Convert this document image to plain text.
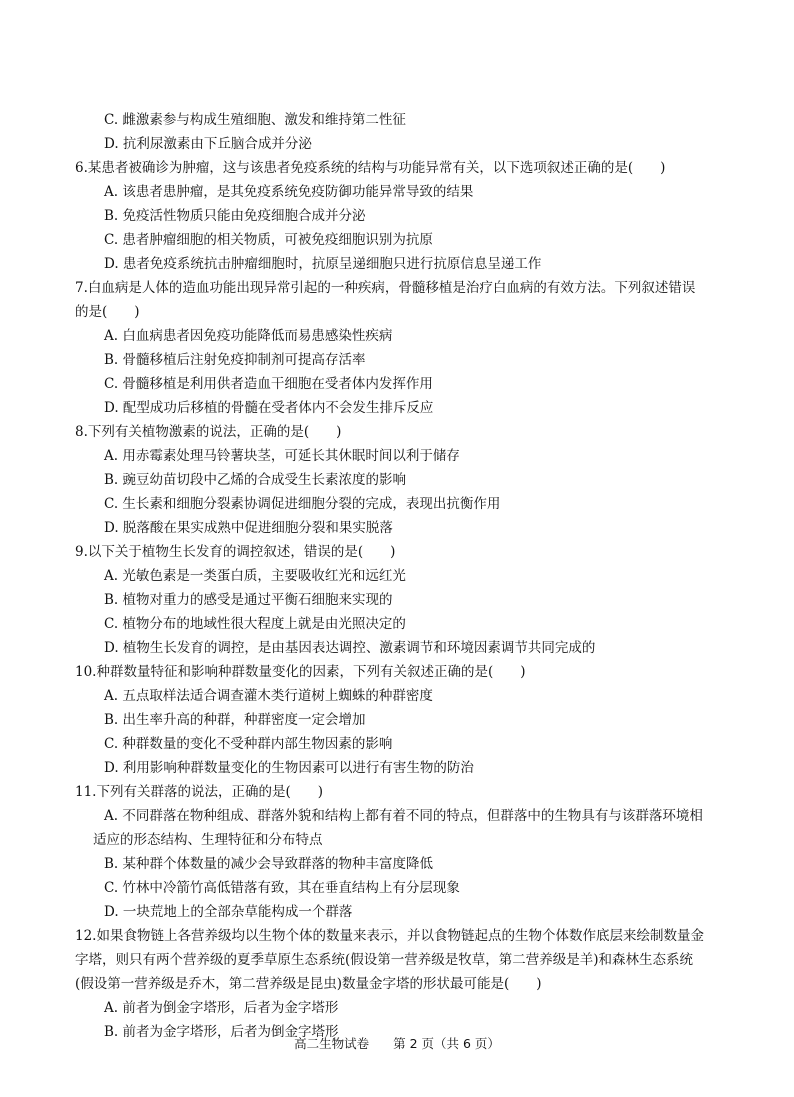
C. 雌激素参与构成生殖细胞、激发和维持第二性征
D. 抗利尿激素由下丘脑合成并分泌
6.某患者被确诊为肿瘤，这与该患者免疫系统的结构与功能异常有关，以下选项叙述正确的是(　　)
A. 该患者患肿瘤，是其免疫系统免疫防御功能异常导致的结果
B. 免疫活性物质只能由免疫细胞合成并分泌
C. 患者肿瘤细胞的相关物质，可被免疫细胞识别为抗原
D. 患者免疫系统抗击肿瘤细胞时，抗原呈递细胞只进行抗原信息呈递工作
7.白血病是人体的造血功能出现异常引起的一种疾病，骨髓移植是治疗白血病的有效方法。下列叙述错误
的是(　　)
A. 白血病患者因免疫功能降低而易患感染性疾病
B. 骨髓移植后注射免疫抑制剂可提高存活率
C. 骨髓移植是利用供者造血干细胞在受者体内发挥作用
D. 配型成功后移植的骨髓在受者体内不会发生排斥反应
8.下列有关植物激素的说法，正确的是(　　)
A. 用赤霉素处理马铃薯块茎，可延长其休眠时间以利于储存
B. 豌豆幼苗切段中乙烯的合成受生长素浓度的影响
C. 生长素和细胞分裂素协调促进细胞分裂的完成，表现出抗衡作用
D. 脱落酸在果实成熟中促进细胞分裂和果实脱落
9.以下关于植物生长发育的调控叙述，错误的是(　　)
A. 光敏色素是一类蛋白质，主要吸收红光和远红光
B. 植物对重力的感受是通过平衡石细胞来实现的
C. 植物分布的地域性很大程度上就是由光照决定的
D. 植物生长发育的调控，是由基因表达调控、激素调节和环境因素调节共同完成的
10.种群数量特征和影响种群数量变化的因素，下列有关叙述正确的是(　　)
A. 五点取样法适合调查灌木类行道树上蜘蛛的种群密度
B. 出生率升高的种群，种群密度一定会增加
C. 种群数量的变化不受种群内部生物因素的影响
D. 利用影响种群数量变化的生物因素可以进行有害生物的防治
11.下列有关群落的说法，正确的是(　　)
A. 不同群落在物种组成、群落外貌和结构上都有着不同的特点，但群落中的生物具有与该群落环境相
适应的形态结构、生理特征和分布特点
B. 某种群个体数量的减少会导致群落的物种丰富度降低
C. 竹林中冷箭竹高低错落有致，其在垂直结构上有分层现象
D. 一块荒地上的全部杂草能构成一个群落
12.如果食物链上各营养级均以生物个体的数量来表示，并以食物链起点的生物个体数作底层来绘制数量金
字塔，则只有两个营养级的夏季草原生态系统(假设第一营养级是牧草，第二营养级是羊)和森林生态系统
(假设第一营养级是乔木，第二营养级是昆虫)数量金字塔的形状最可能是(　　)
A. 前者为倒金字塔形，后者为金字塔形
B. 前者为金字塔形，后者为倒金字塔形
高二生物试卷 第 2 页（共 6 页）
